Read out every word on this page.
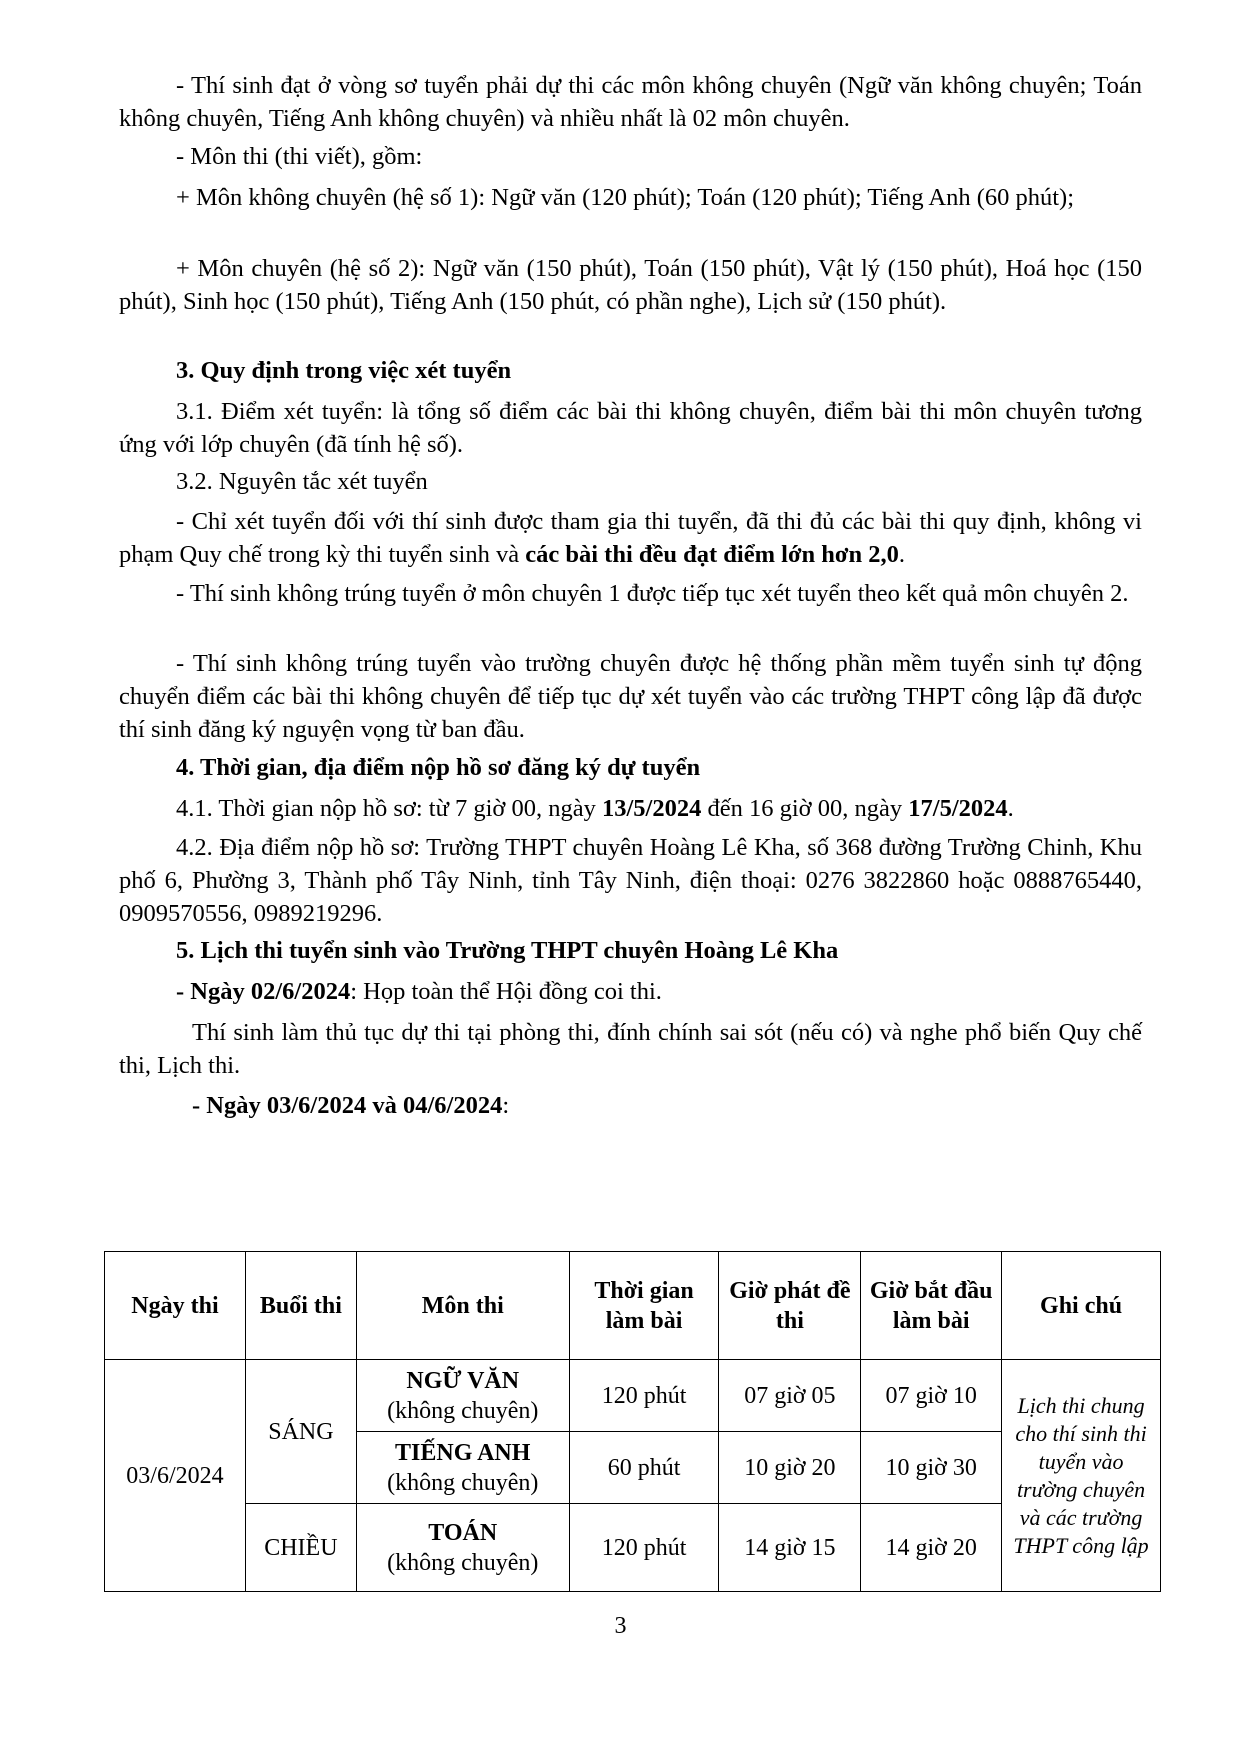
- Thí sinh đạt ở vòng sơ tuyển phải dự thi các môn không chuyên (Ngữ văn không chuyên; Toán không chuyên, Tiếng Anh không chuyên) và nhiều nhất là 02 môn chuyên.

- Môn thi (thi viết), gồm:

+ Môn không chuyên (hệ số 1): Ngữ văn (120 phút); Toán (120 phút); Tiếng Anh (60 phút);

+ Môn chuyên (hệ số 2): Ngữ văn (150 phút), Toán (150 phút), Vật lý (150 phút), Hoá học (150 phút), Sinh học (150 phút), Tiếng Anh (150 phút, có phần nghe), Lịch sử (150 phút).

3. Quy định trong việc xét tuyển

3.1. Điểm xét tuyển: là tổng số điểm các bài thi không chuyên, điểm bài thi môn chuyên tương ứng với lớp chuyên (đã tính hệ số).

3.2. Nguyên tắc xét tuyển

- Chỉ xét tuyển đối với thí sinh được tham gia thi tuyển, đã thi đủ các bài thi quy định, không vi phạm Quy chế trong kỳ thi tuyển sinh và các bài thi đều đạt điểm lớn hơn 2,0.

- Thí sinh không trúng tuyển ở môn chuyên 1 được tiếp tục xét tuyển theo kết quả môn chuyên 2.

- Thí sinh không trúng tuyển vào trường chuyên được hệ thống phần mềm tuyển sinh tự động chuyển điểm các bài thi không chuyên để tiếp tục dự xét tuyển vào các trường THPT công lập đã được thí sinh đăng ký nguyện vọng từ ban đầu.

4. Thời gian, địa điểm nộp hồ sơ đăng ký dự tuyển

4.1. Thời gian nộp hồ sơ: từ 7 giờ 00, ngày 13/5/2024 đến 16 giờ 00, ngày 17/5/2024.

4.2. Địa điểm nộp hồ sơ: Trường THPT chuyên Hoàng Lê Kha, số 368 đường Trường Chinh, Khu phố 6, Phường 3, Thành phố Tây Ninh, tỉnh Tây Ninh, điện thoại: 0276 3822860 hoặc 0888765440, 0909570556, 0989219296.

5. Lịch thi tuyển sinh vào Trường THPT chuyên Hoàng Lê Kha

- Ngày 02/6/2024: Họp toàn thể Hội đồng coi thi.

Thí sinh làm thủ tục dự thi tại phòng thi, đính chính sai sót (nếu có) và nghe phổ biến Quy chế thi, Lịch thi.

- Ngày 03/6/2024 và 04/6/2024:

Ngày thi	Buổi thi	Môn thi	Thời gian làm bài	Giờ phát đề thi	Giờ bắt đầu làm bài	Ghi chú
03/6/2024	SÁNG	NGỮ VĂN
(không chuyên)	120 phút	07 giờ 05	07 giờ 10	Lịch thi chung cho thí sinh thi tuyển vào trường chuyên và các trường THPT công lập
		TIẾNG ANH
(không chuyên)	60 phút	10 giờ 20	10 giờ 30	
	CHIỀU	TOÁN
(không chuyên)	120 phút	14 giờ 15	14 giờ 20	
3
